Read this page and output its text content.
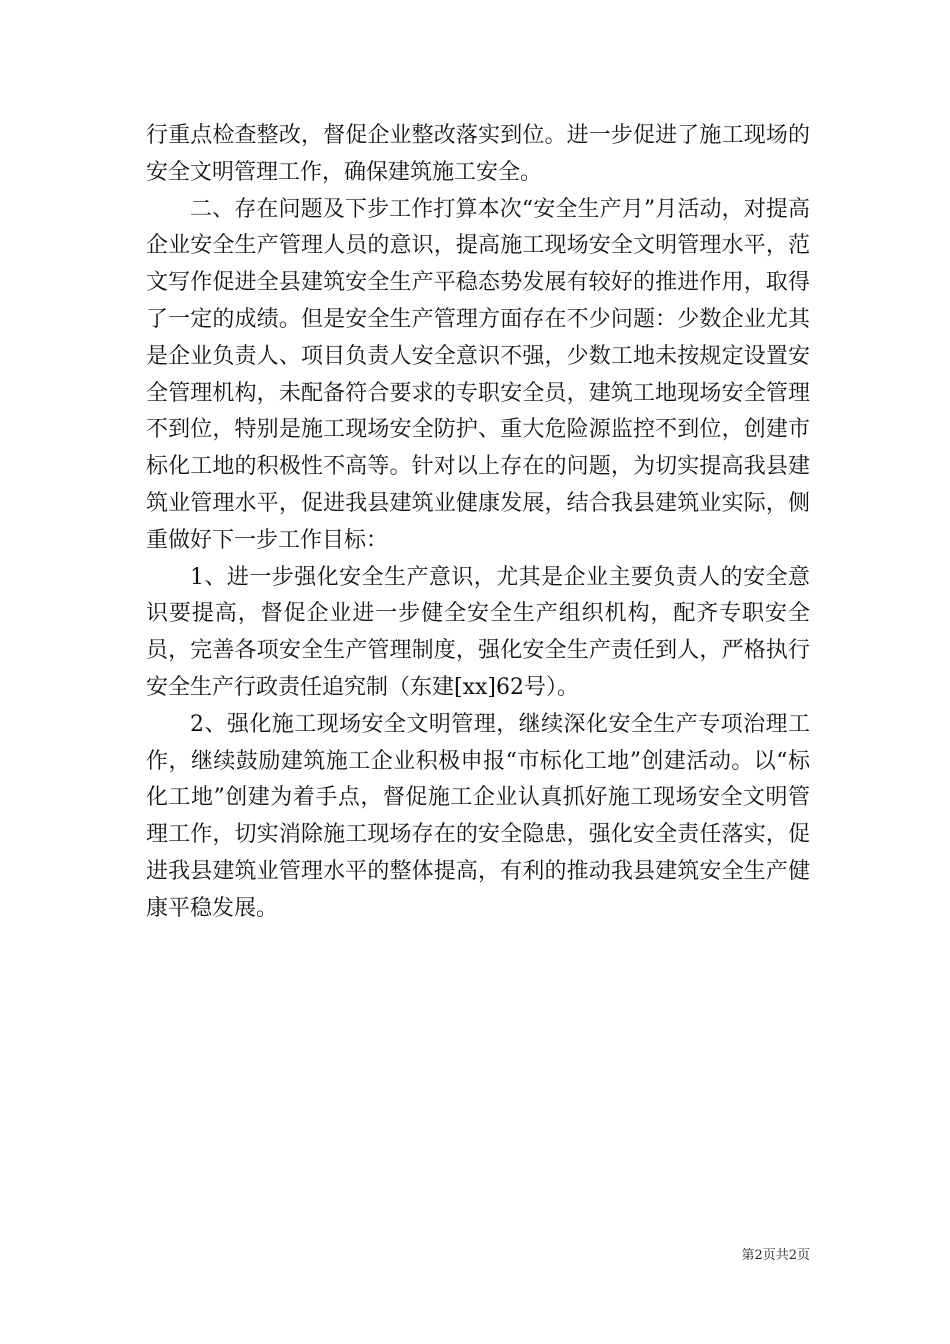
行重点检查整改，督促企业整改落实到位。进一步促进了施工现场的安全文明管理工作，确保建筑施工安全。

二、存在问题及下步工作打算本次“安全生产月”月活动，对提高企业安全生产管理人员的意识，提高施工现场安全文明管理水平，范文写作促进全县建筑安全生产平稳态势发展有较好的推进作用，取得了一定的成绩。但是安全生产管理方面存在不少问题：少数企业尤其是企业负责人、项目负责人安全意识不强，少数工地未按规定设置安全管理机构，未配备符合要求的专职安全员，建筑工地现场安全管理不到位，特别是施工现场安全防护、重大危险源监控不到位，创建市标化工地的积极性不高等。针对以上存在的问题，为切实提高我县建筑业管理水平，促进我县建筑业健康发展，结合我县建筑业实际，侧重做好下一步工作目标：

1、进一步强化安全生产意识，尤其是企业主要负责人的安全意识要提高，督促企业进一步健全安全生产组织机构，配齐专职安全员，完善各项安全生产管理制度，强化安全生产责任到人，严格执行安全生产行政责任追究制（东建[xx]62号）。

2、强化施工现场安全文明管理，继续深化安全生产专项治理工作，继续鼓励建筑施工企业积极申报“市标化工地”创建活动。以“标化工地”创建为着手点，督促施工企业认真抓好施工现场安全文明管理工作，切实消除施工现场存在的安全隐患，强化安全责任落实，促进我县建筑业管理水平的整体提高，有利的推动我县建筑安全生产健康平稳发展。

第2页共2页
